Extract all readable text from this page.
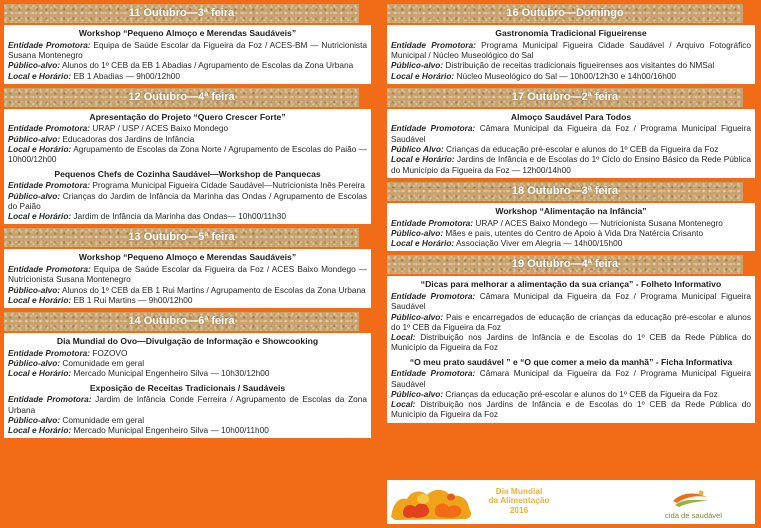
11 Outubro—3ª feira
Workshop “Pequeno Almoço e Merendas Saudáveis”
Entidade Promotora: Equipa de Saúde Escolar da Figueira da Foz / ACES-BM — Nutricionista Susana Montenegro
Público-alvo: Alunos do 1º CEB da EB 1 Abadias / Agrupamento de Escolas da Zona Urbana
Local e Horário: EB 1 Abadias — 9h00/12h00
12 Outubro—4ª feira
Apresentação do Projeto “Quero Crescer Forte”
Entidade Promotora: URAP / USP / ACES Baixo Mondego
Público-alvo: Educadoras dos Jardins de Infância
Local e Horário: Agrupamento de Escolas da Zona Norte / Agrupamento de Escolas do Paião — 10h00/12h00
Pequenos Chefs de Cozinha Saudável—Workshop de Panquecas
Entidade Promotora: Programa Municipal Figueira Cidade Saudável—Nutricionista Inês Pereira
Público-alvo: Crianças do Jardim de Infância da Marinha das Ondas / Agrupamento de Escolas do Paião
Local e Horário: Jardim de Infância da Marinha das Ondas— 10h00/11h30
13 Outubro—5ª feira
Workshop “Pequeno Almoço e Merendas Saudáveis”
Entidade Promotora: Equipa de Saúde Escolar da Figueira da Foz / ACES Baixo Mondego — Nutricionista Susana Montenegro
Público-alvo: Alunos do 1º CEB da EB 1 Rui Martins / Agrupamento de Escolas da Zona Urbana
Local e Horário: EB 1 Rui Martins — 9h00/12h00
14 Outubro—6ª feira
Dia Mundial do Ovo—Divulgação de Informação e Showcooking
Entidade Promotora: FOZOVO
Público-alvo: Comunidade em geral
Local e Horário: Mercado Municipal Engenheiro Silva — 10h30/12h00
Exposição de Receitas Tradicionais / Saudáveis
Entidade Promotora: Jardim de Infância Conde Ferreira / Agrupamento de Escolas da Zona Urbana
Público-alvo: Comunidade em geral
Local e Horário: Mercado Municipal Engenheiro Silva — 10h00/11h00
16 Outubro—Domingo
Gastronomia Tradicional Figueirense
Entidade Promotora: Programa Municipal Figueira Cidade Saudável / Arquivo Fotográfico Municipal / Núcleo Museológico do Sal
Público-alvo: Distribuição de receitas tradicionais figueirenses aos visitantes do NMSal
Local e Horário: Núcleo Museológico do Sal — 10h00/12h30 e 14h00/16h00
17 Outubro—2ª feira
Almoço Saudável Para Todos
Entidade Promotora: Câmara Municipal da Figueira da Foz / Programa Municipal Figueira Saudável
Público Alvo: Crianças da educação pré-escolar e alunos do 1º CEB da Figueira da Foz
Local e Horário: Jardins de Infância e de Escolas do 1º Ciclo do Ensino Básico da Rede Pública do Município da Figueira da Foz — 12h00/14h00
18 Outubro—3ª feira
Workshop “Alimentação na Infância”
Entidade Promotora: URAP / ACES Baixo Mondego — Nutricionista Susana Montenegro
Público-alvo: Mães e pais, utentes do Centro de Apoio à Vida Dra Natércia Crisanto
Local e Horário: Associação Viver em Alegria — 14h00/15h00
19 Outubro—4ª feira
“Dicas para melhorar a alimentação da sua criança” - Folheto Informativo
Entidade Promotora: Câmara Municipal da Figueira da Foz / Programa Municipal Figueira Saudável
Público-alvo: Pais e encarregados de educação de crianças da educação pré-escolar e alunos do 1º CEB da Figueira da Foz
Local: Distribuição nos Jardins de Infância e de Escolas do 1º CEB da Rede Pública do Município da Figueira da Foz
“O meu prato saudável ” e “O que comer a meio da manhã” - Ficha Informativa
Entidade Promotora: Câmara Municipal da Figueira da Foz / Programa Municipal Figueira Saudável
Público-alvo: Crianças da educação pré-escolar e alunos do 1º CEB da Figueira da Foz
Local: Distribuição nos Jardins de Infância e de Escolas do 1º CEB da Rede Pública do Município da Figueira da Foz
Dia Mundial
da Alimentação
2016
cida de saudável
